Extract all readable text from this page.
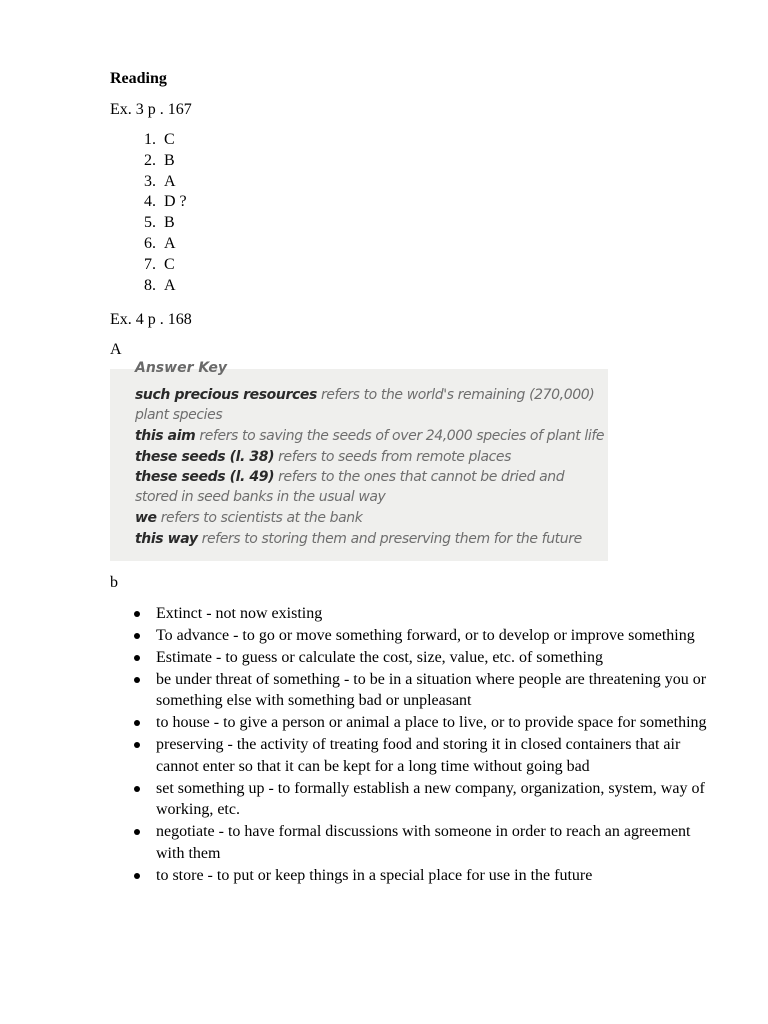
Reading
Ex. 3 p . 167
1. C
2. B
3. A
4. D ?
5. B
6. A
7. C
8. A
Ex. 4 p . 168
A
Answer Key
such precious resources refers to the world's remaining (270,000)
plant species
this aim refers to saving the seeds of over 24,000 species of plant life
these seeds (l. 38) refers to seeds from remote places
these seeds (l. 49) refers to the ones that cannot be dried and
stored in seed banks in the usual way
we refers to scientists at the bank
this way refers to storing them and preserving them for the future
b
Extinct - not now existing
To advance - to go or move something forward, or to develop or improve something
Estimate - to guess or calculate the cost, size, value, etc. of something
be under threat of something - to be in a situation where people are threatening you or something else with something bad or unpleasant
to house - to give a person or animal a place to live, or to provide space for something
preserving - the activity of treating food and storing it in closed containers that air cannot enter so that it can be kept for a long time without going bad
set something up - to formally establish a new company, organization, system, way of working, etc.
negotiate - to have formal discussions with someone in order to reach an agreement with them
to store - to put or keep things in a special place for use in the future
